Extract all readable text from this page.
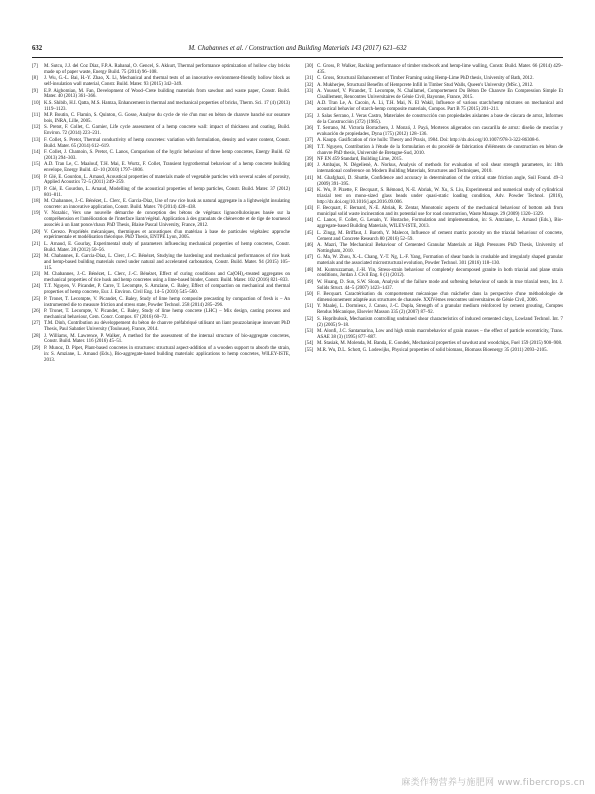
632	M. Chabannes et al. / Construction and Building Materials 143 (2017) 621–632
[7]	M. Sutcu, J.J. del Coz Díaz, F.P.A. Rabanal, O. Gencel, S. Akkurt, Thermal performance optimization of hollow clay bricks made up of paper waste, Energy Build. 75 (2014) 96–108.
[8]	J. Wu, G.-L. Bai, H.-Y. Zhao, X. Li, Mechanical and thermal tests of an innovative environment-friendly hollow block as self-insulation wall material, Constr. Build. Mater. 93 (2015) 342–349.
[9]	E.P. Aigbomian, M. Fan, Development of Wood–Crete building materials from sawdust and waste paper, Constr. Build. Mater. 40 (2013) 361–366.
[10] K.S. Shibib, H.I. Qatta, M.S. Hamza, Enhancement in thermal and mechanical properties of bricks, Therm. Sci. 17 (4) (2013) 1119–1123.
[11] M.P. Boutin, C. Flamin, S. Quinton, G. Gosse, Analyse du cycle de vie d'un mur en béton de chanvre banché sur ossature bois, INRA, Lille, 2005.
[12] S. Pretot, F. Collet, C. Garnier, Life cycle assessment of a hemp concrete wall: impact of thickness and coating, Build. Environ. 72 (2014) 223–231.
[13] F. Collet, S. Pretot, Thermal conductivity of hemp concretes: variation with formulation, density and water content, Constr. Build. Mater. 65 (2014) 612–619.
[14] F. Collet, J. Chamoin, S. Pretot, C. Lanos, Comparison of the hygric behaviour of three hemp concretes, Energy Build. 62 (2013) 294–303.
[15] A.D. Tran Le, C. Maalouf, T.H. Mai, E. Wurtz, F. Collet, Transient hygrothermal behaviour of a hemp concrete building envelope, Energy Build. 42–10 (2010) 1797–1806.
[16] P. Glé, E. Gourdon, L. Arnaud, Acoustical properties of materials made of vegetable particles with several scales of porosity, Applied Acoustics 72–5 (2011) 249–259.
[17] P. Glé, E. Gourdon, L. Arnaud, Modelling of the acoustical properties of hemp particles, Constr. Build. Mater. 37 (2012) 801–811.
[18] M. Chabannes, J.-C. Bénézet, L. Clerc, E. Garcia-Diaz, Use of raw rice husk as natural aggregate in a lightweight insulating concrete: an innovative application, Constr. Build. Mater. 70 (2014) 428–438.
[19] V. Nozahic, Vers une nouvelle démarche de conception des bétons de végétaux lignocellulosiques basée sur la compréhension et l'amélioration de l'interface liant/végétal. Application à des granulats de chènevotte et de tige de tournesol associés à un liant ponce/chaux PhD Thesis, Blaise Pascal University, France, 2012.
[20] V. Cerezo. Propriétés mécaniques, thermiques et acoustiques d'un matériau à base de particules végétales: approche expérimentale et modélisation théorique. PhD Thesis, ENTPE Lyon, 2005.
[21] L. Arnaud, E. Gourlay, Experimental study of parameters influencing mechanical properties of hemp concretes, Constr. Build. Mater. 28 (2012) 50–56.
[22] M. Chabannes, E. Garcia-Diaz, L. Clerc, J.-C. Bénézet, Studying the hardening and mechanical performances of rice husk and hemp-based building materials cured under natural and accelerated carbonation, Constr. Build. Mater. 94 (2015) 105–115.
[23] M. Chabannes, J.-C. Bénézet, L. Clerc, J.-C. Bénézet, Effect of curing conditions and Ca(OH)₂-treated aggregates on mechanical properties of rice husk and hemp concretes using a lime-based binder, Constr. Build. Mater. 102 (2016) 821–833.
[24] T.T. Nguyen, V. Picandet, P. Carre, T. Lecompte, S. Amziane, C. Baley, Effect of compaction on mechanical and thermal properties of hemp concrete, Eur. J. Environ. Civil Eng. 14–5 (2010) 545–560.
[25] P. Tronet, T. Lecompte, V. Picandet, C. Baley, Study of lime hemp composite precasting by compaction of fresh is – An instrumented die to measure friction and stress state, Powder Technol. 258 (2014) 285–296.
[26] P. Tronet, T. Lecompte, V. Picandet, C. Baley, Study of lime hemp concrete (LHC) – Mix design, casting process and mechanical behaviour, Cem. Concr. Compos. 67 (2016) 60–72.
[27] T.M. Dinh, Contribution au développement du béton de chanvre préfabriqué utilisant un liant pouzzolanique innovant PhD Thesis, Paul Sabatier University (Toulouse), France, 2014.
[28] J. Williams, M. Lawrence, P. Walker, A method for the assessment of the internal structure of bio-aggregate concretes, Constr. Build. Mater. 116 (2016) 45–51.
[29] P. Munoz, D. Pipet, Plant-based concretes in structures: structural aspect-addition of a wooden support to absorb the strain, in: S. Amziane, L. Arnaud (Eds.), Bio-aggregate-based building materials: applications to hemp concretes, WILEY-ISTE, 2013.
[30] C. Gross, P. Walker, Racking performance of timber studwork and hemp-lime walling, Constr. Build. Mater. 66 (2014) 429–435.
[31] C. Gross, Structural Enhancement of Timber Framing using Hemp-Lime PhD thesis, University of Bath, 2012.
[32] A. Mukherjee, Structural Benefits of Hempcrete Infill in Timber Stud Walls, Queen's University (MSc.), 2012.
[33] A. Youssef, V. Picandet, T. Lecompte, N. Challamel, Comportement Du Béton De Chanvre En Compression Simple Et Cisaillement, Rencontres Universitaires de Génie Civil, Bayonne, France, 2015.
[34] A.D. Tran Le, A. Cacoin, A. Li, T.H. Mai, N. El Wakil, Influence of various starch/hemp mixtures on mechanical and acoustical behavior of starch-hemp composite materials, Compos. Part B 75 (2015) 201–211.
[35] J. Salas Serrano, J. Veras Castro, Materiales de construcción con propiedades aislantes a base de cáscara de arroz, Informes de la Construcción (372) (1985).
[36] T. Serrano, M. Victoria Borrachero, J. Monzó, J. Payá, Morteros aligerados con cascarilla de arroz: diseño de mezclas y evaluación de propiedades, Dyna (175) (2012) 128–136.
[37] A. Kaupp. Gasification of rice hulls: Theory and Praxis, 1984. Doi: http://dx.doi.org/10.1007/978-3-322-86308-6.
[38] T.T. Nguyen, Contribution à l'étude de la formulation et du procédé de fabrication d'éléments de construction en béton de chanvre PhD thesis, Université de Bretagne-Sud, 2010.
[39] NF EN 459 Standard, Building Lime, 2015.
[40] J. Ambajus, N. Dègelienè, A. Norkus, Analysis of methods for evaluation of soil shear strength parameters, in: 10th international conference on Modern Building Materials, Structures and Techniques, 2010.
[41] M. Ghafghazi, D. Shuttle, Confidence and accuracy in determination of the critical state friction angle, Soil Found. 49–3 (2009) 391–395.
[42] K. Wu, P. Pizette, F. Becquart, S. Rémond, N.-E. Abriak, W. Xu, S. Liu, Experimental and numerical study of cylindrical triaxial test on mono-sized glass beads under quasi-static loading condition, Adv. Powder Technol. (2016), http://dx.doi.org/10.1016/j.apt.2016.09.006.
[43] F. Becquart, F. Bernard, N.-E. Abriak, R. Zentar, Monotonic aspects of the mechanical behaviour of bottom ash from municipal solid waste incineration and its potential use for road construction, Waste Manage. 29 (2009) 1320–1329.
[44] C. Lanos, F. Collet, G. Lenain, Y. Hustache, Formulation and implementation, in: S. Amziane, L. Arnaud (Eds.), Bio-aggregate-based Building Materials, WILEY-ISTE, 2013.
[45] L. Zingg, M. Briffaut, J. Baroth, Y. Malecot, Influence of cement matrix porosity on the triaxial behaviour of concrete, Cement and Concrete Research 80 (2016) 52–59.
[46] A. Mazri, The Mechanical Behaviour of Cemented Granular Materials at High Pressures PhD Thesis, University of Nottingham, 2010.
[47] G. Ma, W. Zhou, X.-L. Chang, Y.-T. Ng, L.-F. Yang, Formation of shear bands in crushable and irregularly shaped granular materials and the associated microstructural evolution, Powder Technol. 301 (2016) 118–130.
[48] M. Kumruzzaman, J.-H. Yin, Stress-strain behaviour of completely decomposed granite in both triaxial and plane strain conditions, Jordan J. Civil Eng. 6 (1) (2012).
[49] W. Huang, D. Sun, S.W. Sloan, Analysis of the failure mode and softening behaviour of sands in true triaxial tests, Int. J. Solids Struct. 44–5 (2007) 1423–1437.
[50] F. Becquart. Caractérisation du comportement mécanique d'un mâchefer dans la perspective d'une méthodologie de dimensionnement adaptée aux structures de chaussée. XXIVèmes rencontres universitaires de Génie Civil, 2006.
[51] Y. Maalej, L. Dormieux, J. Canou, J.-C. Dupla, Strength of a granular medium reinforced by cement grouting, Comptes Rendus Mécanique, Elsevier Masson 335 (2) (2007) 87–92.
[52] S. Hopribulsuk, Mechanism controlling undrained shear characteristics of induced cemented clays, Lowland Technol. Int. 7 (2) (2005) 9–18.
[53] M. Alonfi, J.C. Santamarina, Low and high strain macrobehavior of grain masses – the effect of particle eccentricity, Trans. ASAE 38 (3) (1995) 877–887.
[54] M. Stasiak, M. Molenda, M. Banda, E. Gondek, Mechanical properties of sawdust and woodchips, Fuel 159 (2015) 900–908.
[55] M.R. Wu, D.L. Schott, G. Lodewijks, Physical properties of solid biomass, Biomass Bioenergy 35 (2011) 2093–2105.
麻类作物营养与施肥网 www.fibercrops.cn
